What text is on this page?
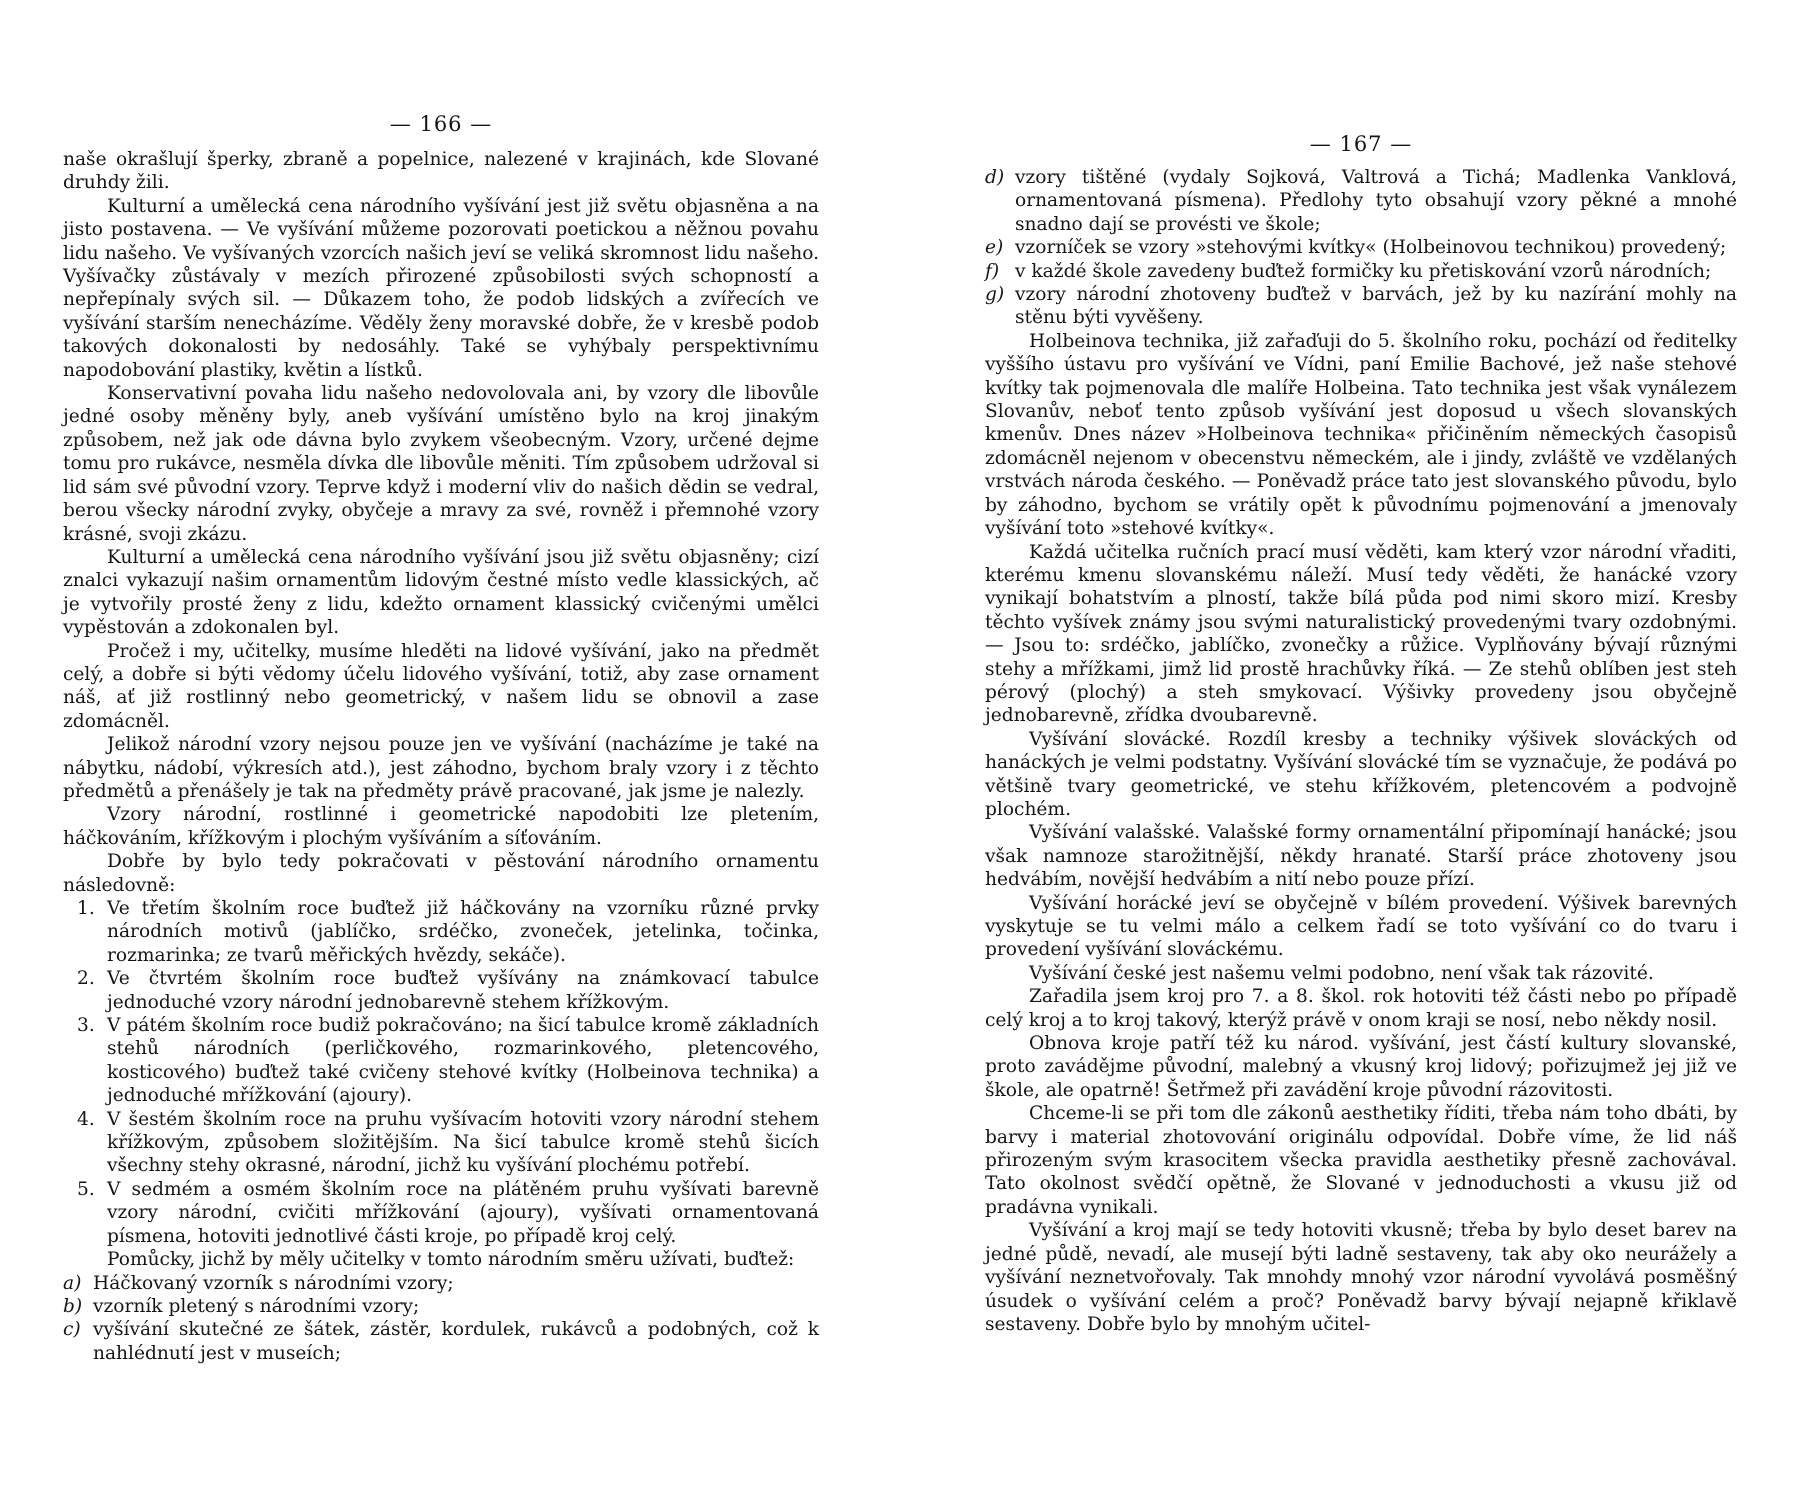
— 166 —

naše okrašlují šperky, zbraně a popelnice, nalezené v krajinách, kde Slované druhdy žili.

Kulturní a umělecká cena národního vyšívání jest již světu objasněna a na jisto postavena. — Ve vyšívání můžeme pozorovati poetickou a něžnou povahu lidu našeho. Ve vyšívaných vzorcích našich jeví se veliká skromnost lidu našeho. Vyšívačky zůstávaly v mezích přirozené způsobilosti svých schopností a nepřepínaly svých sil. — Důkazem toho, že podob lidských a zvířecích ve vyšívání starším nenecházíme. Věděly ženy moravské dobře, že v kresbě podob takových dokonalosti by nedosáhly. Také se vyhýbaly perspektivnímu napodobování plastiky, květin a lístků.

Konservativní povaha lidu našeho nedovolovala ani, by vzory dle libovůle jedné osoby měněny byly, aneb vyšívání umístěno bylo na kroj jinakým způsobem, než jak ode dávna bylo zvykem všeobecným. Vzory, určené dejme tomu pro rukávce, nesměla dívka dle libovůle měniti. Tím způsobem udržoval si lid sám své původní vzory. Teprve když i moderní vliv do našich dědin se vedral, berou všecky národní zvyky, obyčeje a mravy za své, rovněž i přemnohé vzory krásné, svoji zkázu.

Kulturní a umělecká cena národního vyšívání jsou již světu objasněny; cizí znalci vykazují našim ornamentům lidovým čestné místo vedle klassických, ač je vytvořily prosté ženy z lidu, kdežto ornament klassický cvičenými umělci vypěstován a zdokonalen byl.

Pročež i my, učitelky, musíme hleděti na lidové vyšívání, jako na předmět celý, a dobře si býti vědomy účelu lidového vyšívání, totiž, aby zase ornament náš, ať již rostlinný nebo geometrický, v našem lidu se obnovil a zase zdomácněl.

Jelikož národní vzory nejsou pouze jen ve vyšívání (nacházíme je také na nábytku, nádobí, výkresích atd.), jest záhodno, bychom braly vzory i z těchto předmětů a přenášely je tak na předměty právě pracované, jak jsme je nalezly.

Vzory národní, rostlinné i geometrické napodobiti lze pletením, háčkováním, křížkovým i plochým vyšíváním a síťováním.

Dobře by bylo tedy pokračovati v pěstování národního ornamentu následovně:

1. Ve třetím školním roce buďtež již háčkovány na vzorníku různé prvky národních motivů (jablíčko, srdéčko, zvoneček, jetelinka, točinka, rozmarinka; ze tvarů měřických hvězdy, sekáče).
2. Ve čtvrtém školním roce buďtež vyšívány na známkovací tabulce jednoduché vzory národní jednobarevně stehem křížkovým.
3. V pátém školním roce budiž pokračováno; na šicí tabulce kromě základních stehů národních (perličkového, rozmarinkového, pletencového, kosticového) buďtež také cvičeny stehové kvítky (Holbeinova technika) a jednoduché mřížkování (ajoury).
4. V šestém školním roce na pruhu vyšívacím hotoviti vzory národní stehem křížkovým, způsobem složitějším. Na šicí tabulce kromě stehů šicích všechny stehy okrasné, národní, jichž ku vyšívání plochému potřebí.
5. V sedmém a osmém školním roce na plátěném pruhu vyšívati barevně vzory národní, cvičiti mřížkování (ajoury), vyšívati ornamentovaná písmena, hotoviti jednotlivé části kroje, po případě kroj celý.

Pomůcky, jichž by měly učitelky v tomto národním směru užívati, buďtež:

a) Háčkovaný vzorník s národními vzory;
b) vzorník pletený s národními vzory;
c) vyšívání skutečné ze šátek, zástěr, kordulek, rukávců a podobných, což k nahlédnutí jest v museích;
— 167 —
d) vzory tištěné (vydaly Sojková, Valtrová a Tichá; Madlenka Vanklová, ornamentovaná písmena). Předlohy tyto obsahují vzory pěkné a mnohé snadno dají se provésti ve škole;
e) vzorníček se vzory »stehovými kvítky« (Holbeinovou technikou) provedený;
f) v každé škole zavedeny buďtež formičky ku přetiskování vzorů národních;
g) vzory národní zhotoveny buďtež v barvách, jež by ku nazírání mohly na stěnu býti vyvěšeny.

Holbeinova technika, již zařaďuji do 5. školního roku, pochází od ředitelky vyššího ústavu pro vyšívání ve Vídni, paní Emilie Bachové, jež naše stehové kvítky tak pojmenovala dle malíře Holbeina. Tato technika jest však vynálezem Slovanův, neboť tento způsob vyšívání jest doposud u všech slovanských kmenův. Dnes název »Holbeinova technika« přičiněním německých časopisů zdomácněl nejenom v obecenstvu německém, ale i jindy, zvláště ve vzdělaných vrstvách národa českého. — Poněvadž práce tato jest slovanského původu, bylo by záhodno, bychom se vrátily opět k původnímu pojmenování a jmenovaly vyšívání toto »stehové kvítky«.

Každá učitelka ručních prací musí věděti, kam který vzor národní vřaditi, kterému kmenu slovanskému náleží. Musí tedy věděti, že hanácké vzory vynikají bohatstvím a plností, takže bílá půda pod nimi skoro mizí. Kresby těchto vyšívek známy jsou svými naturalistický provedenými tvary ozdobnými. — Jsou to: srdéčko, jablíčko, zvonečky a růžice. Vyplňovány bývají různými stehy a mřížkami, jimž lid prostě hrachůvky říká. — Ze stehů oblíben jest steh pérový (plochý) a steh smykovací. Výšivky provedeny jsou obyčejně jednobarevně, zřídka dvoubarevně.

Vyšívání slovácké. Rozdíl kresby a techniky výšivek slováckých od hanáckých je velmi podstatny. Vyšívání slovácké tím se vyznačuje, že podává po většině tvary geometrické, ve stehu křížkovém, pletencovém a podvojně plochém.

Vyšívání valašské. Valašské formy ornamentální připomínají hanácké; jsou však namnoze starožitnější, někdy hranaté. Starší práce zhotoveny jsou hedvábím, novější hedvábím a nití nebo pouze přízí.

Vyšívání horácké jeví se obyčejně v bílém provedení. Výšivek barevných vyskytuje se tu velmi málo a celkem řadí se toto vyšívání co do tvaru i provedení vyšívání slováckému.

Vyšívání české jest našemu velmi podobno, není však tak rázovité.

Zařadila jsem kroj pro 7. a 8. škol. rok hotoviti též části nebo po případě celý kroj a to kroj takový, kterýž právě v onom kraji se nosí, nebo někdy nosil.

Obnova kroje patří též ku národ. vyšívání, jest částí kultury slovanské, proto zavádějme původní, malebný a vkusný kroj lidový; pořizujmež jej již ve škole, ale opatrně! Šetřmež při zavádění kroje původní rázovitosti.

Chceme-li se při tom dle zákonů aesthetiky říditi, třeba nám toho dbáti, by barvy i material zhotovování originálu odpovídal. Dobře víme, že lid náš přirozeným svým krasocitem všecka pravidla aesthetiky přesně zachovával. Tato okolnost svědčí opětně, že Slované v jednoduchosti a vkusu již od pradávna vynikali.

Vyšívání a kroj mají se tedy hotoviti vkusně; třeba by bylo deset barev na jedné půdě, nevadí, ale musejí býti ladně sestaveny, tak aby oko neurážely a vyšívání neznetvořovaly. Tak mnohdy mnohý vzor národní vyvolává posměšný úsudek o vyšívání celém a proč? Poněvadž barvy bývají nejapně křiklavě sestaveny. Dobře bylo by mnohým učitel-
